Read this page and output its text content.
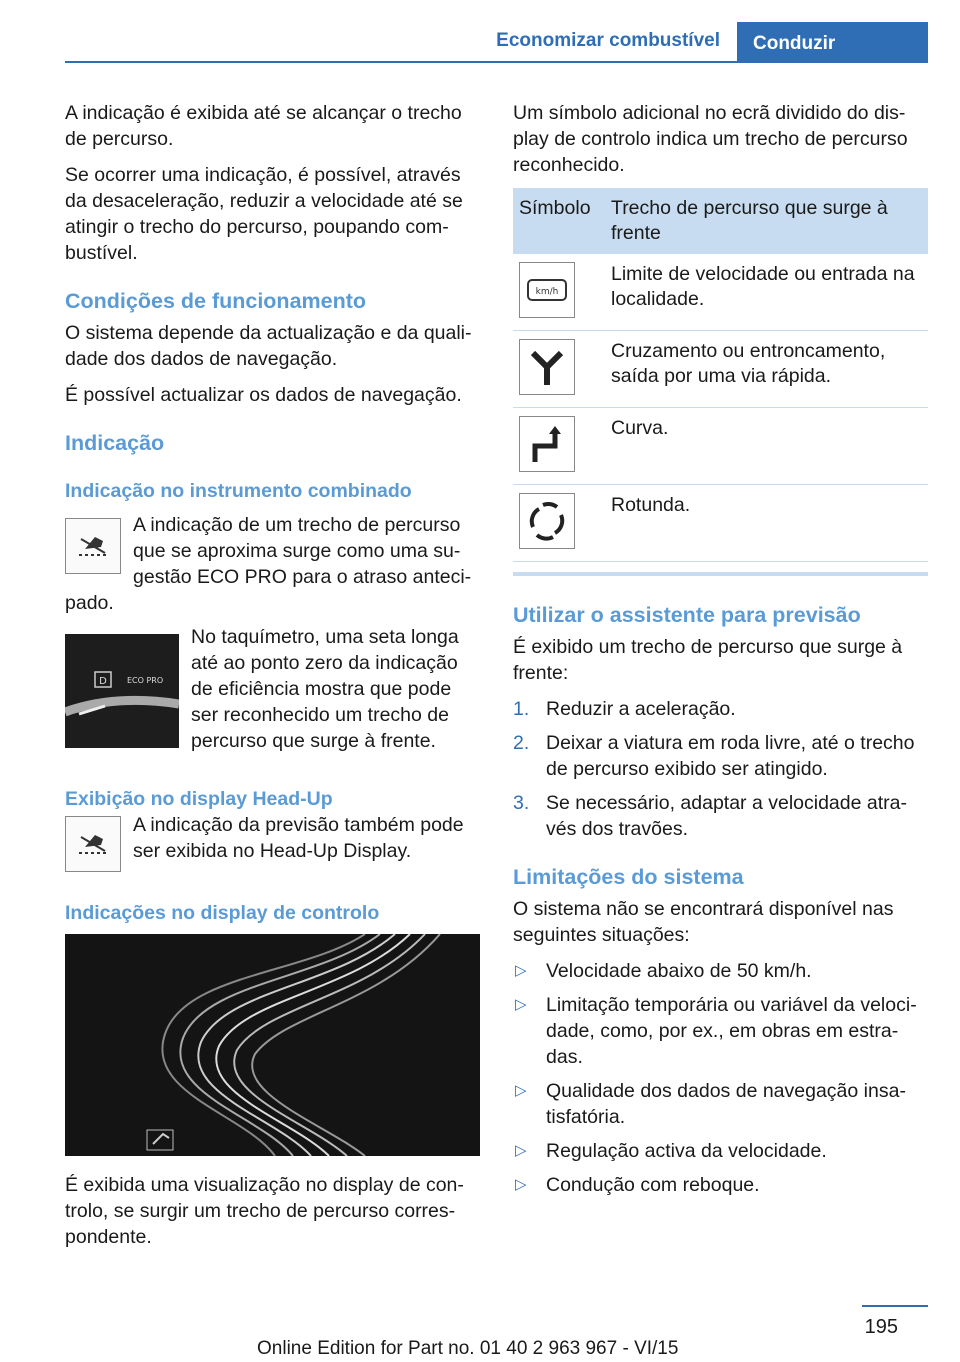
Economizar combustível	Conduzir

A indicação é exibida até se alcançar o trecho de percurso.

Se ocorrer uma indicação, é possível, através da desaceleração, reduzir a velocidade até se atingir o trecho do percurso, poupando combustível.

Condições de funcionamento

O sistema depende da actualização e da qualidade dos dados de navegação.

É possível actualizar os dados de navegação.

Indicação
Indicação no instrumento combinado

A indicação de um trecho de percurso que se aproxima surge como uma sugestão ECO PRO para o atraso antecipado.

D	ECO PRO

No taquímetro, uma seta longa até ao ponto zero da indicação de eficiência mostra que pode ser reconhecido um trecho de percurso que surge à frente.

Exibição no display Head-Up

A indicação da previsão também pode ser exibida no Head-Up Display.

Indicações no display de controlo

É exibida uma visualização no display de controlo, se surgir um trecho de percurso correspondente.

Um símbolo adicional no ecrã dividido do display de controlo indica um trecho de percurso reconhecido.

Símbolo	Trecho de percurso que surge à frente

km/h	Limite de velocidade ou entrada na localidade.

	Cruzamento ou entroncamento, saída por uma via rápida.

	Curva.

	Rotunda.
Utilizar o assistente para previsão

É exibido um trecho de percurso que surge à frente:

1. Reduzir a aceleração.
2. Deixar a viatura em roda livre, até o trecho de percurso exibido ser atingido.
3. Se necessário, adaptar a velocidade através dos travões.
Limitações do sistema

O sistema não se encontrará disponível nas seguintes situações:

▷ Velocidade abaixo de 50 km/h.
▷ Limitação temporária ou variável da velocidade, como, por ex., em obras em estradas.
▷ Qualidade dos dados de navegação insatisfatória.
▷ Regulação activa da velocidade.
▷ Condução com reboque.
195
Online Edition for Part no. 01 40 2 963 967 - VI/15
